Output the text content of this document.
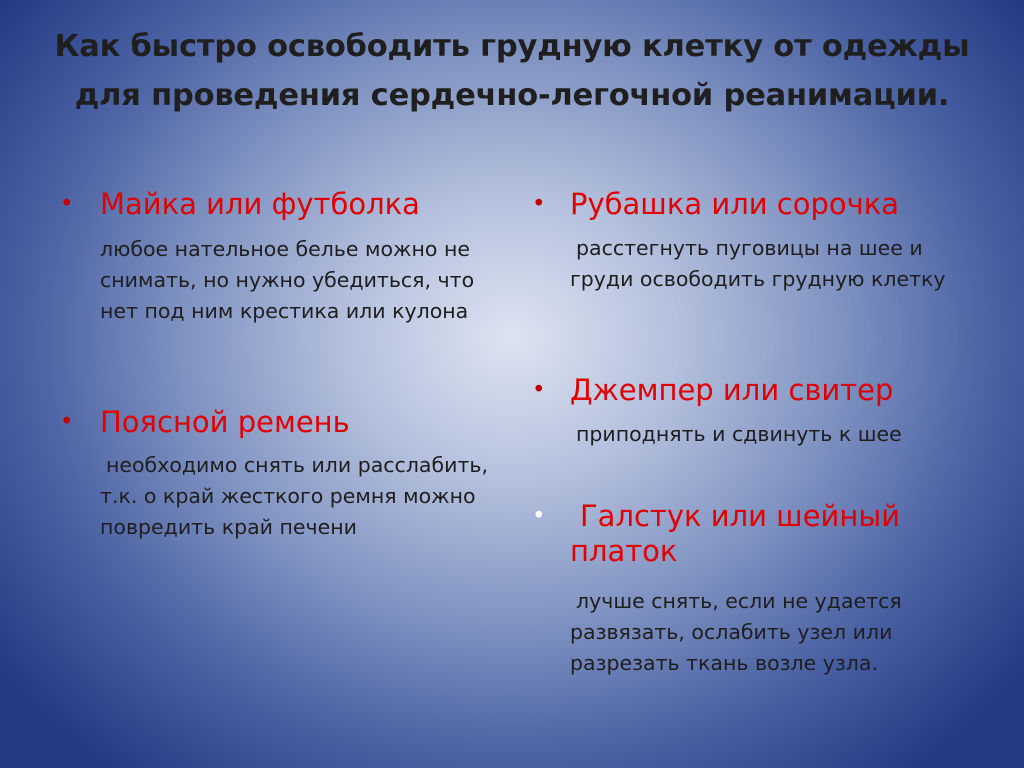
Как быстро освободить грудную клетку от одежды
для проведения сердечно-легочной реанимации.
• Майка или футболка
любое нательное белье можно не снимать, но нужно убедиться, что нет под ним крестика или кулона
• Поясной ремень
необходимо снять или расслабить, т.к. о край жесткого ремня можно повредить край печени
• Рубашка или сорочка
расстегнуть пуговицы на шее и груди освободить грудную клетку
• Джемпер или свитер
приподнять и сдвинуть к шее
•	Галстук или шейный платок
лучше снять, если не удается развязать, ослабить узел или разрезать ткань возле узла.
